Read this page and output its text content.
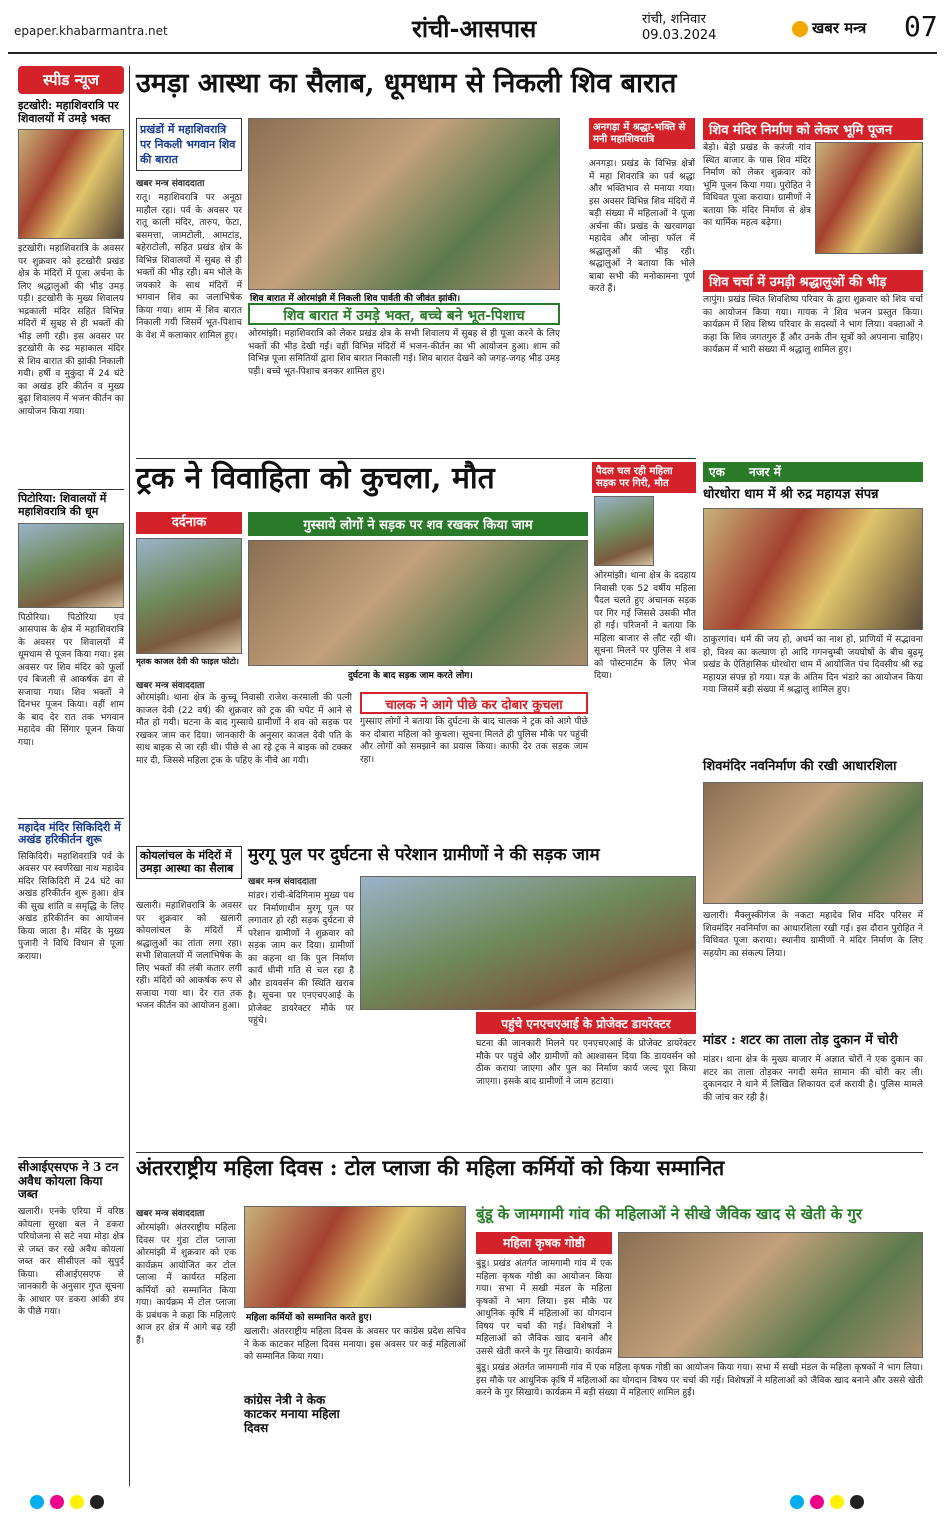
epaper.khabarmantra.net	रांची-आसपास	रांची, शनिवार
09.03.2024	खबर मन्त्र 07
स्पीड न्यूज
इटखोरी: महाशिवरात्रि पर शिवालयों में उमड़े भक्त
इटखोरी। महाशिवरात्रि के अवसर पर शुक्रवार को इटखोरी प्रखंड क्षेत्र के मंदिरों में पूजा अर्चना के लिए श्रद्धालुओं की भीड़ उमड़ पड़ी। इटखोरी के मुख्य शिवालय भद्रकाली मंदिर सहित विभिन्न मंदिरों में सुबह से ही भक्तों की भीड़ लगी रही। इस अवसर पर इटखोरी के रुद्र महाकाल मंदिर से शिव बारात की झांकी निकाली गयी। हर्षी व मुकुंदा में 24 घंटे का अखंड हरि कीर्तन व मुख्य बुढ़ा शिवालय में भजन कीर्तन का आयोजन किया गया।
पिटोरिया: शिवालयों में महाशिवरात्रि की धूम
पिठोरिया। पिठोरिया एवं आसपास के क्षेत्र में महाशिवरात्रि के अवसर पर शिवालयों में धूमधाम से पूजन किया गया। इस अवसर पर शिव मंदिर को फूलों एवं बिजली से आकर्षक ढंग से सजाया गया। शिव भक्तों ने दिनभर पूजन किया। वहीं शाम के बाद देर रात तक भगवान महादेव की सिंगार पूजन किया गया।
महादेव मंदिर सिकिदिरी में अखंड हरिकीर्तन शुरू
सिकिदिरी। महाशिवरात्रि पर्व के अवसर पर स्वर्णरेखा नाथ महादेव मंदिर सिकिदिरी में 24 घंटे का अखंड हरिकीर्तन शुरू हुआ। क्षेत्र की सुख शांति व समृद्धि के लिए अखंड हरिकीर्तन का आयोजन किया जाता है। मंदिर के मुख्य पुजारी ने विधि विधान से पूजा कराया।
सीआईएसएफ ने 3 टन अवैध कोयला किया जब्त
खलारी। एनके एरिया में वरिष्ठ कोयला सुरक्षा बल ने डकरा परियोजना से सटे नया मोड़ा क्षेत्र से जब्त कर रखे अवैध कोयला जब्त कर सीसीएल को सुपुर्द किया। सीआईएसएफ से जानकारी के अनुसार गुप्त सूचना के आधार पर डकरा आंकी डंप के पीछे गया।
उमड़ा आस्था का सैलाब, धूमधाम से निकली शिव बारात
प्रखंडों में महाशिवरात्रि पर निकली भगवान शिव की बारात
खबर मन्त्र संवाददाता
रातू। महाशिवरात्रि पर अनूठा माहौल रहा। पर्व के अवसर पर रातू काली मंदिर, तारुप, फेटा, बसमत्ता, जामटोली, आमटांड़, बहेराटोली, सहित प्रखंड क्षेत्र के विभिन्न शिवालयों में सुबह से ही भक्तों की भीड़ रही। बम भोले के जयकारे के साथ मंदिरों में भगवान शिव का जलाभिषेक किया गया। शाम में शिव बारात निकाली गयी जिसमें भूत-पिशाच के वेश में कलाकार शामिल हुए।
शिव बारात में ओरमांझी में निकली शिव पार्वती की जीवंत झांकी।
शिव बारात में उमड़े भक्त, बच्चे बने भूत-पिशाच
ओरमांझी। महाशिवरात्रि को लेकर प्रखंड क्षेत्र के सभी शिवालय में सुबह से ही पूजा करने के लिए भक्तों की भीड़ देखी गई। वहीं विभिन्न मंदिरों में भजन-कीर्तन का भी आयोजन हुआ। शाम को विभिन्न पूजा समितियों द्वारा शिव बारात निकाली गई। शिव बारात देखने को जगह-जगह भीड़ उमड़ पड़ी। बच्चे भूत-पिशाच बनकर शामिल हुए।
अनगड़ा में श्रद्धा-भक्ति से मनी महाशिवरात्रि
अनगड़ा। प्रखंड के विभिन्न क्षेत्रों में महा शिवरात्रि का पर्व श्रद्धा और भक्तिभाव से मनाया गया। इस अवसर विभिन्न शिव मंदिरों में बड़ी संख्या में महिलाओं ने पूजा अर्चना की। प्रखंड के खरवागढ़ा महादेव और जोन्हा फॉल में श्रद्धालुओं की भीड़ रही। श्रद्धालुओं ने बताया कि भोले बाबा सभी की मनोकामना पूर्ण करते हैं।
शिव मंदिर निर्माण को लेकर भूमि पूजन
बेड़ो। बेड़ो प्रखंड के करंजी गांव स्थित बाजार के पास शिव मंदिर निर्माण को लेकर शुक्रवार को भूमि पूजन किया गया। पुरोहित ने विधिवत पूजा कराया। ग्रामीणों ने बताया कि मंदिर निर्माण से क्षेत्र का धार्मिक महत्व बढ़ेगा।
शिव चर्चा में उमड़ी श्रद्धालुओं की भीड़
लापुंग। प्रखंड स्थित शिवशिष्य परिवार के द्वारा शुक्रवार को शिव चर्चा का आयोजन किया गया। गायक ने शिव भजन प्रस्तुत किया। कार्यक्रम में शिव शिष्य परिवार के सदस्यों ने भाग लिया। वक्ताओं ने कहा कि शिव जगतगुरु हैं और उनके तीन सूत्रों को अपनाना चाहिए। कार्यक्रम में भारी संख्या में श्रद्धालु शामिल हुए।
ट्रक ने विवाहिता को कुचला, मौत
दर्दनाक	गुस्साये लोगों ने सड़क पर शव रखकर किया जाम
मृतक काजल देवी की फाइल फोटो।
दुर्घटना के बाद सड़क जाम करते लोग।
खबर मन्त्र संवाददाता
ओरमांझी। थाना क्षेत्र के कुच्चू निवासी राजेश करमाली की पत्नी काजल देवी (22 वर्ष) की शुक्रवार को ट्रक की चपेट में आने से मौत हो गयी। घटना के बाद गुस्साये ग्रामीणों ने शव को सड़क पर रखकर जाम कर दिया। जानकारी के अनुसार काजल देवी पति के साथ बाइक से जा रही थी। पीछे से आ रहे ट्रक ने बाइक को टक्कर मार दी, जिससे महिला ट्रक के पहिए के नीचे आ गयी।
चालक ने आगे पीछे कर दोबार कुचला
गुस्साए लोगों ने बताया कि दुर्घटना के बाद चालक ने ट्रक को आगे पीछे कर दोबारा महिला को कुचला। सूचना मिलते ही पुलिस मौके पर पहुंची और लोगों को समझाने का प्रयास किया। काफी देर तक सड़क जाम रहा।
पैदल चल रही महिला सड़क पर गिरी, मौत
ओरमांझी। थाना क्षेत्र के ददहाय निवासी एक 52 वर्षीय महिला पैदल चलते हुए अचानक सड़क पर गिर गई जिससे उसकी मौत हो गई। परिजनों ने बताया कि महिला बाजार से लौट रही थी। सूचना मिलने पर पुलिस ने शव को पोस्टमार्टम के लिए भेज दिया।
एक नजर में
धोरधोरा धाम में श्री रुद्र महायज्ञ संपन्न
ठाकुरगांव। धर्म की जय हो, अधर्म का नाश हो, प्राणियों में सद्भावना हो, विश्व का कल्याण हो आदि गगनचुम्बी जयघोषों के बीच बुढ़मू प्रखंड के ऐतिहासिक धोरधोरा धाम में आयोजित पंच दिवसीय श्री रुद्र महायज्ञ संपन्न हो गया। यज्ञ के अंतिम दिन भंडारे का आयोजन किया गया जिसमें बड़ी संख्या में श्रद्धालु शामिल हुए।
शिवमंदिर नवनिर्माण की रखी आधारशिला
खलारी। मैक्लुस्कीगंज के नकटा महादेव शिव मंदिर परिसर में शिवमंदिर नवनिर्माण का आधारशिला रखी गई। इस दौरान पुरोहित ने विधिवत पूजा कराया। स्थानीय ग्रामीणों ने मंदिर निर्माण के लिए सहयोग का संकल्प लिया।
मांडर : शटर का ताला तोड़ दुकान में चोरी
मांडर। थाना क्षेत्र के मुख्य बाजार में अज्ञात चोरों ने एक दुकान का शटर का ताला तोड़कर नगदी समेत सामान की चोरी कर ली। दुकानदार ने थाने में लिखित शिकायत दर्ज करायी है। पुलिस मामले की जांच कर रही है।
कोयलांचल के मंदिरों में उमड़ा आस्था का सैलाब
खलारी। महाशिवरात्रि के अवसर पर शुक्रवार को खलारी कोयलांचल के मंदिरों में श्रद्धालुओं का तांता लगा रहा। सभी शिवालयों में जलाभिषेक के लिए भक्तों की लंबी कतार लगी रही। मंदिरों को आकर्षक रूप से सजाया गया था। देर रात तक भजन कीर्तन का आयोजन हुआ।
मुरगू पुल पर दुर्घटना से परेशान ग्रामीणों ने की सड़क जाम
खबर मन्त्र संवाददाता
मांडर। रांची-बेदिगिनाम मुख्य पथ पर निर्माणाधीन मुरगू पुल पर लगातार हो रही सड़क दुर्घटना से परेशान ग्रामीणों ने शुक्रवार को सड़क जाम कर दिया। ग्रामीणों का कहना था कि पुल निर्माण कार्य धीमी गति से चल रहा है और डायवर्सन की स्थिति खराब है। सूचना पर एनएचएआई के प्रोजेक्ट डायरेक्टर मौके पर पहुंचे।	पहुंचे एनएचएआई के प्रोजेक्ट डायरेक्टर
घटना की जानकारी मिलने पर एनएचएआई के प्रोजेक्ट डायरेक्टर मौके पर पहुंचे और ग्रामीणों को आश्वासन दिया कि डायवर्सन को ठीक कराया जाएगा और पुल का निर्माण कार्य जल्द पूरा किया जाएगा। इसके बाद ग्रामीणों ने जाम हटाया।
अंतरराष्ट्रीय महिला दिवस : टोल प्लाजा की महिला कर्मियों को किया सम्मानित
खबर मन्त्र संवाददाता
ओरमांझी। अंतरराष्ट्रीय महिला दिवस पर गुंडा टोल प्लाजा ओरमांझी में शुक्रवार को एक कार्यक्रम आयोजित कर टोल प्लाजा में कार्यरत महिला कर्मियों को सम्मानित किया गया। कार्यक्रम में टोल प्लाजा के प्रबंधक ने कहा कि महिलाएं आज हर क्षेत्र में आगे बढ़ रही हैं।
महिला कर्मियों को सम्मानित करते हुए।
कांग्रेस नेत्री ने केक काटकर मनाया महिला दिवस
खलारी। अंतरराष्ट्रीय महिला दिवस के अवसर पर कांग्रेस प्रदेश सचिव ने केक काटकर महिला दिवस मनाया। इस अवसर पर कई महिलाओं को सम्मानित किया गया।
बुंडू के जामगामी गांव की महिलाओं ने सीखे जैविक खाद से खेती के गुर
महिला कृषक गोष्ठी
बुंडू। प्रखंड अंतर्गत जामगामी गांव में एक महिला कृषक गोष्ठी का आयोजन किया गया। सभा में सखी मंडल के महिला कृषकों ने भाग लिया। इस मौके पर आधुनिक कृषि में महिलाओं का योगदान विषय पर चर्चा की गई। विशेषज्ञों ने महिलाओं को जैविक खाद बनाने और उससे खेती करने के गुर सिखाये। कार्यक्रम
बुंडू। प्रखंड अंतर्गत जामगामी गांव में एक महिला कृषक गोष्ठी का आयोजन किया गया। सभा में सखी मंडल के महिला कृषकों ने भाग लिया। इस मौके पर आधुनिक कृषि में महिलाओं का योगदान विषय पर चर्चा की गई। विशेषज्ञों ने महिलाओं को जैविक खाद बनाने और उससे खेती करने के गुर सिखाये। कार्यक्रम में बड़ी संख्या में महिलाएं शामिल हुईं।
